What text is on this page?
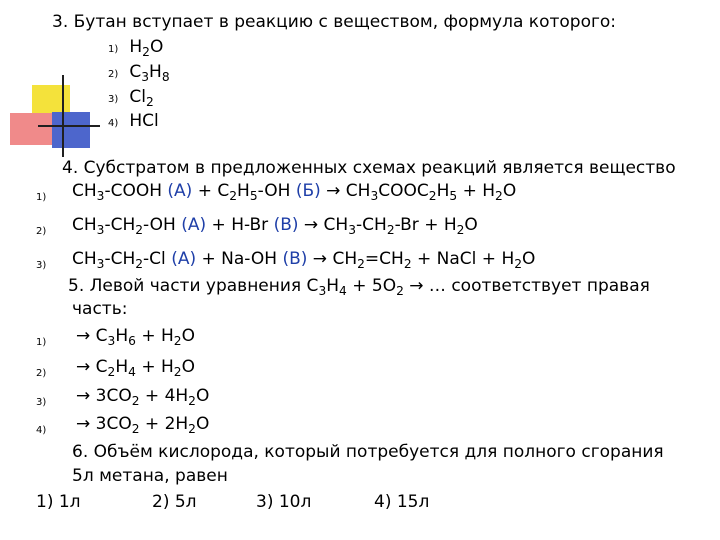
3. Бутан вступает в реакцию с веществом, формула которого:
1) $H_2O$
2) $C_3H_8$
3) $Cl_2$
4) HCl
4. Субстратом в предложенных схемах реакций является вещество
1) $CH_3$-COOH $(A) + C_2H_5-OH$ $(Б) \to CH_3COOC_2H_5 + H_2O$
2) $CH_3-CH_2-OH$ (A) + H-Br $(B) \to CH_3-CH_2-Br + H_2O$
3) $CH_3-CH_2-Cl$ (A) + Na-OH $(B) \to CH_2=CH_2$ + NaCl + $H_2O$
5. Левой части уравнения $C_3H_4 + 5O_2$ → … соответствует правая
часть:
$1) \to C_3H_6 + H_2O$
$2) \to C_2H_4 + H_2O$
$3) \to 3CO_2 + 4H_2O$
$4) \to 3CO_2 + 2H_2O$
6. Объём кислорода, который потребуется для полного сгорания
5л метана, равен
1) 1л	2) 5л	3) 10л	4) 15л
